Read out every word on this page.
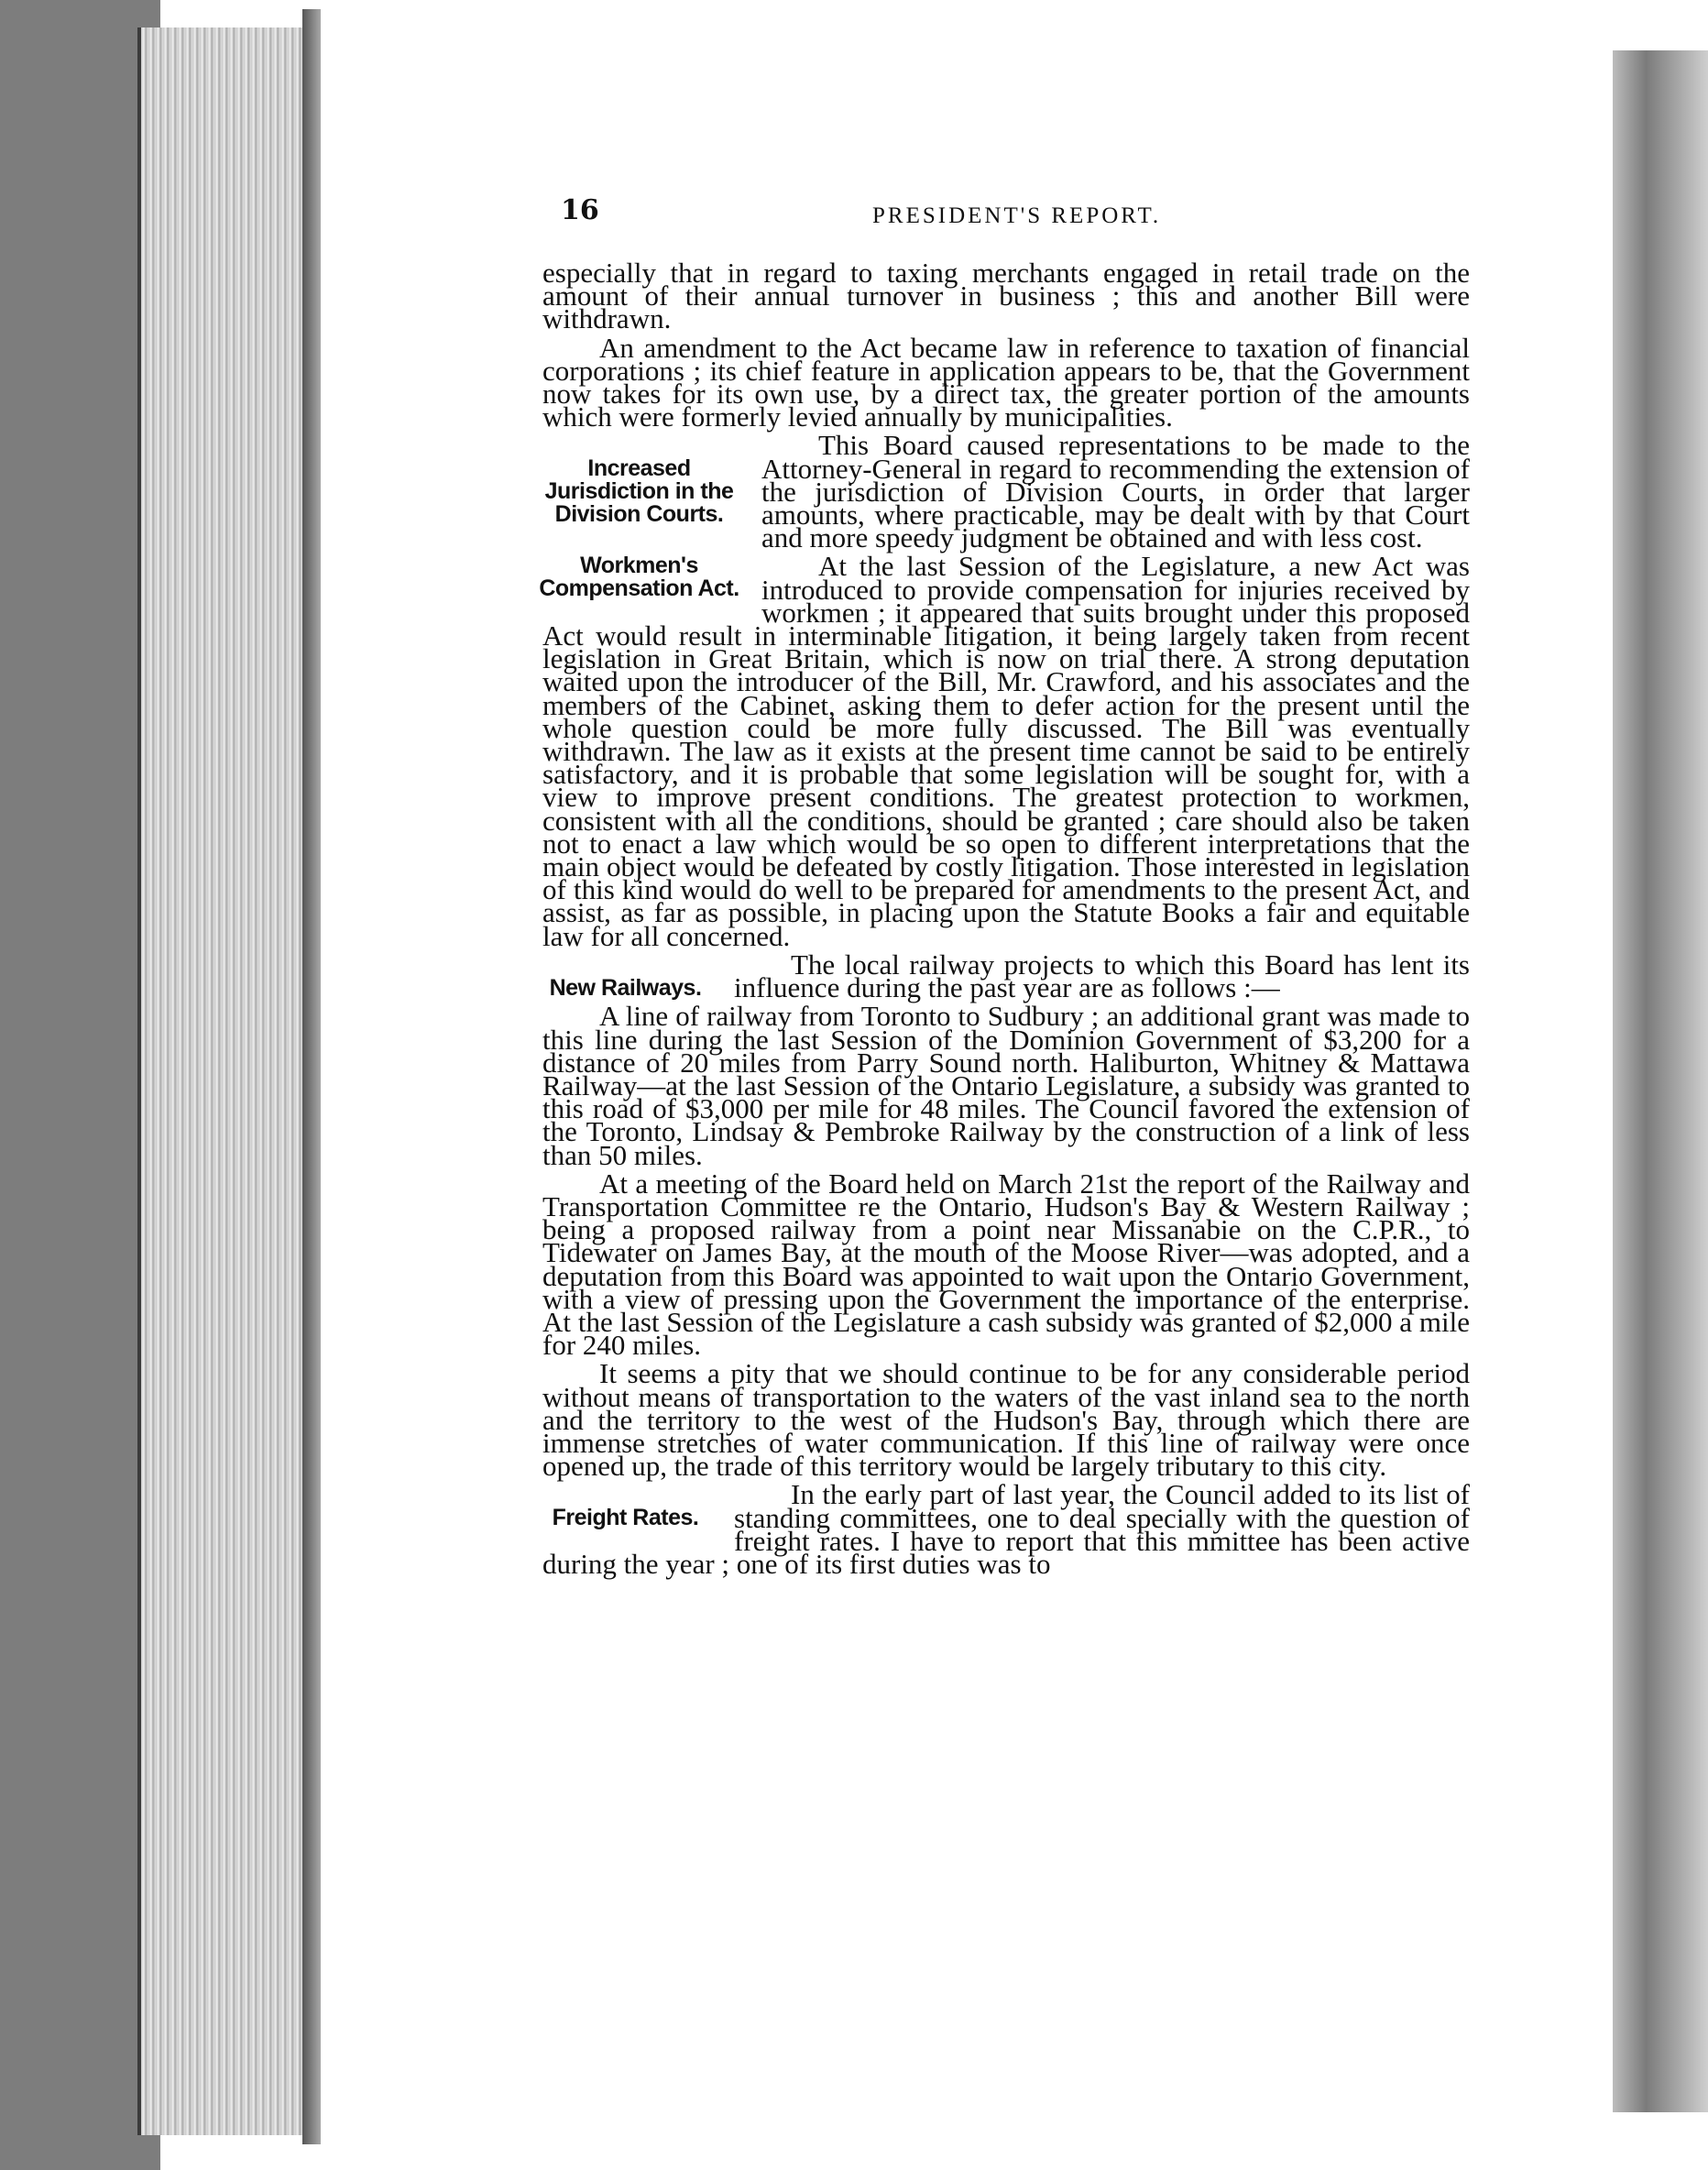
16	PRESIDENT'S REPORT.

especially that in regard to taxing merchants engaged in retail trade on the amount of their annual turnover in business ; this and another Bill were withdrawn.

An amendment to the Act became law in reference to taxation of financial corporations ; its chief feature in application appears to be, that the Government now takes for its own use, by a direct tax, the greater portion of the amounts which were formerly levied annually by municipalities.

Increased Jurisdiction in the Division Courts.

This Board caused representations to be made to the Attorney-General in regard to recommending the extension of the jurisdiction of Division Courts, in order that larger amounts, where practicable, may be dealt with by that Court and more speedy judgment be obtained and with less cost.

Workmen's Compensation Act.

At the last Session of the Legislature, a new Act was introduced to provide compensation for injuries received by workmen ; it appeared that suits brought under this proposed Act would result in interminable litigation, it being largely taken from recent legislation in Great Britain, which is now on trial there. A strong deputation waited upon the introducer of the Bill, Mr. Crawford, and his associates and the members of the Cabinet, asking them to defer action for the present until the whole question could be more fully discussed. The Bill was eventually withdrawn. The law as it exists at the present time cannot be said to be entirely satisfactory, and it is probable that some legislation will be sought for, with a view to improve present conditions. The greatest protection to workmen, consistent with all the conditions, should be granted ; care should also be taken not to enact a law which would be so open to different interpretations that the main object would be defeated by costly litigation. Those interested in legislation of this kind would do well to be prepared for amendments to the present Act, and assist, as far as possible, in placing upon the Statute Books a fair and equitable law for all concerned.

New Railways.

The local railway projects to which this Board has lent its influence during the past year are as follows :—

A line of railway from Toronto to Sudbury ; an additional grant was made to this line during the last Session of the Dominion Government of $3,200 for a distance of 20 miles from Parry Sound north. Haliburton, Whitney & Mattawa Railway—at the last Session of the Ontario Legislature, a subsidy was granted to this road of $3,000 per mile for 48 miles. The Council favored the extension of the Toronto, Lindsay & Pembroke Railway by the construction of a link of less than 50 miles.

At a meeting of the Board held on March 21st the report of the Railway and Transportation Committee re the Ontario, Hudson's Bay & Western Railway ; being a proposed railway from a point near Missanabie on the C.P.R., to Tidewater on James Bay, at the mouth of the Moose River—was adopted, and a deputation from this Board was appointed to wait upon the Ontario Government, with a view of pressing upon the Government the importance of the enterprise. At the last Session of the Legislature a cash subsidy was granted of $2,000 a mile for 240 miles.

It seems a pity that we should continue to be for any considerable period without means of transportation to the waters of the vast inland sea to the north and the territory to the west of the Hudson's Bay, through which there are immense stretches of water communication. If this line of railway were once opened up, the trade of this territory would be largely tributary to this city.

Freight Rates.

In the early part of last year, the Council added to its list of standing committees, one to deal specially with the question of freight rates. I have to report that this mmittee has been active during the year ; one of its first duties was to
